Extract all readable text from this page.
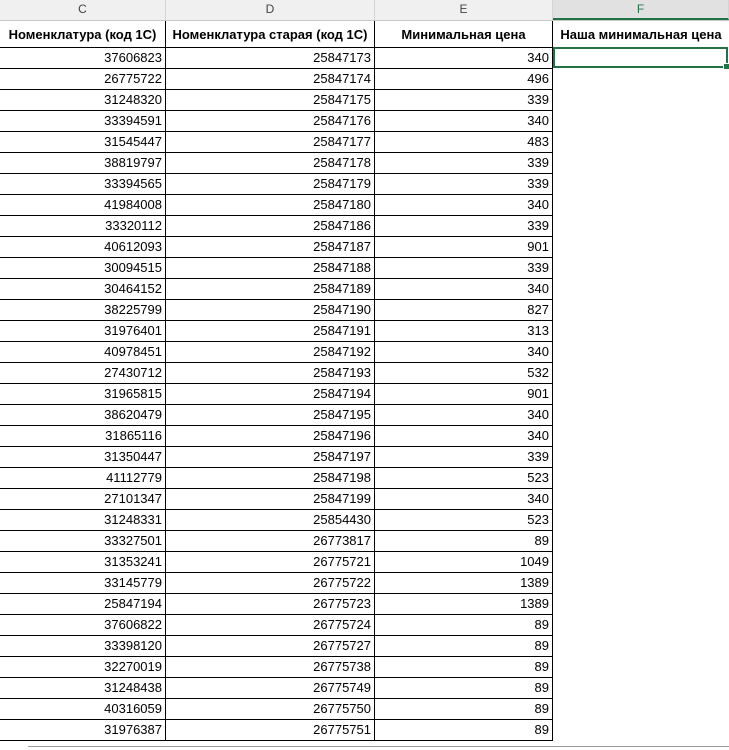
C	D	E	F
Номенклатура (код 1С)	Номенклатура старая (код 1С)	Минимальная цена	Наша минимальная цена
37606823	25847173	340
26775722	25847174	496
31248320	25847175	339
33394591	25847176	340
31545447	25847177	483
38819797	25847178	339
33394565	25847179	339
41984008	25847180	340
33320112	25847186	339
40612093	25847187	901
30094515	25847188	339
30464152	25847189	340
38225799	25847190	827
31976401	25847191	313
40978451	25847192	340
27430712	25847193	532
31965815	25847194	901
38620479	25847195	340
31865116	25847196	340
31350447	25847197	339
41112779	25847198	523
27101347	25847199	340
31248331	25854430	523
33327501	26773817	89
31353241	26775721	1049
33145779	26775722	1389
25847194	26775723	1389
37606822	26775724	89
33398120	26775727	89
32270019	26775738	89
31248438	26775749	89
40316059	26775750	89
31976387	26775751	89
